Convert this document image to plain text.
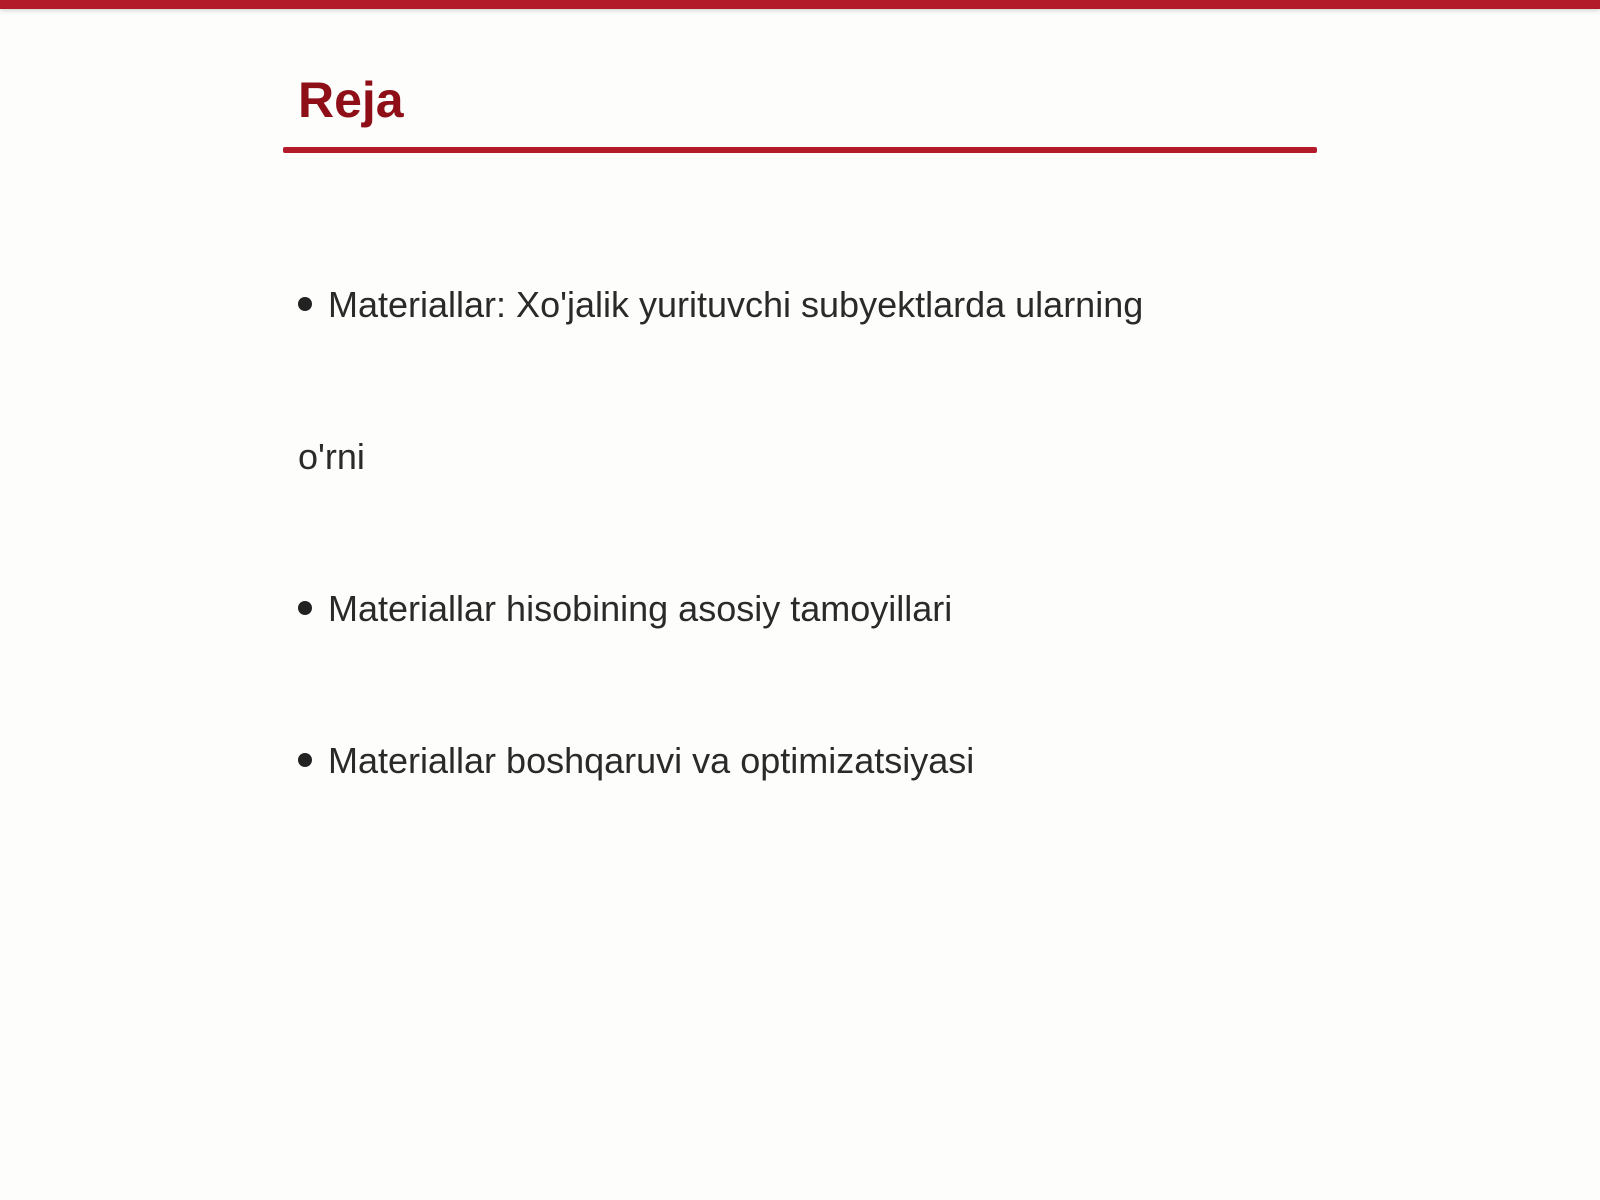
Reja

Materiallar: Xo'jalik yurituvchi subyektlarda ularning

o'rni

Materiallar hisobining asosiy tamoyillari

Materiallar boshqaruvi va optimizatsiyasi
